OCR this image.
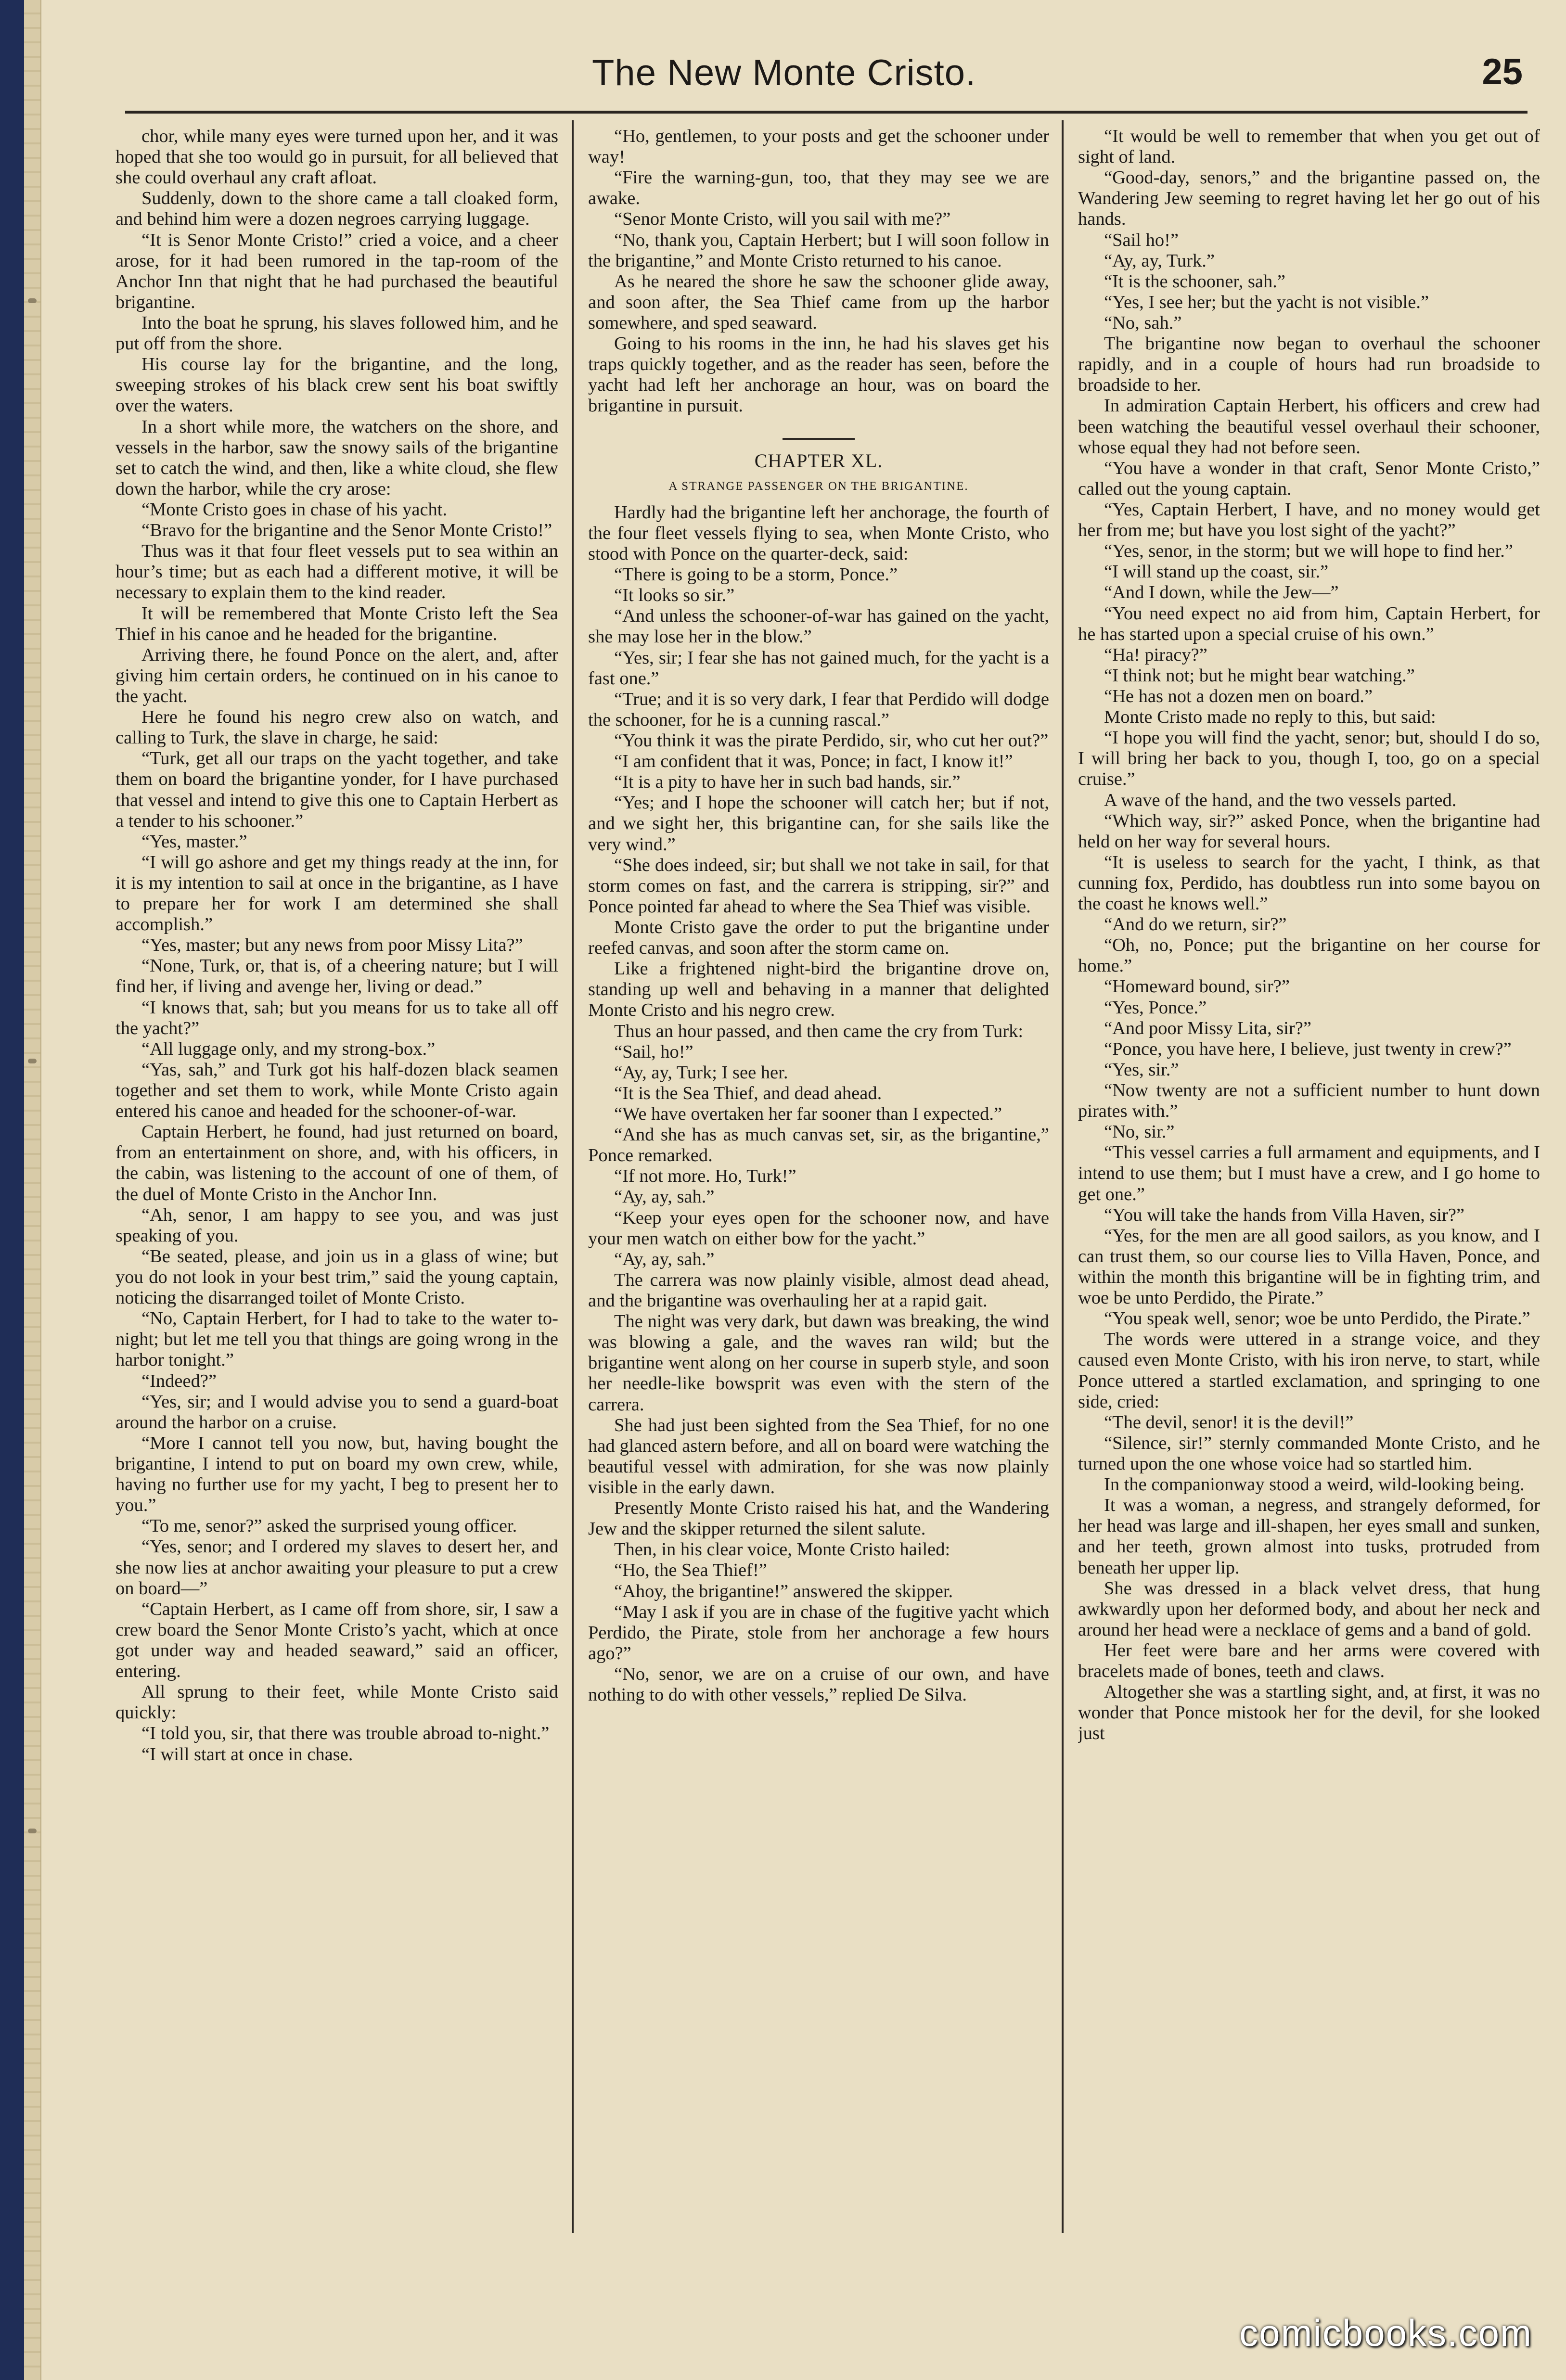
The New Monte Cristo.	25

chor, while many eyes were turned upon her, and it was hoped that she too would go in pursuit, for all believed that she could overhaul any craft afloat.

Suddenly, down to the shore came a tall cloaked form, and behind him were a dozen negroes carrying luggage.

“It is Senor Monte Cristo!” cried a voice, and a cheer arose, for it had been rumored in the tap-room of the Anchor Inn that night that he had purchased the beautiful brigantine.

Into the boat he sprung, his slaves followed him, and he put off from the shore.

His course lay for the brigantine, and the long, sweeping strokes of his black crew sent his boat swiftly over the waters.

In a short while more, the watchers on the shore, and vessels in the harbor, saw the snowy sails of the brigantine set to catch the wind, and then, like a white cloud, she flew down the harbor, while the cry arose:

“Monte Cristo goes in chase of his yacht.

“Bravo for the brigantine and the Senor Monte Cristo!”

Thus was it that four fleet vessels put to sea within an hour’s time; but as each had a different motive, it will be necessary to explain them to the kind reader.

It will be remembered that Monte Cristo left the Sea Thief in his canoe and he headed for the brigantine.

Arriving there, he found Ponce on the alert, and, after giving him certain orders, he continued on in his canoe to the yacht.

Here he found his negro crew also on watch, and calling to Turk, the slave in charge, he said:

“Turk, get all our traps on the yacht together, and take them on board the brigantine yonder, for I have purchased that vessel and intend to give this one to Captain Herbert as a tender to his schooner.”

“Yes, master.”

“I will go ashore and get my things ready at the inn, for it is my intention to sail at once in the brigantine, as I have to prepare her for work I am determined she shall accomplish.”

“Yes, master; but any news from poor Missy Lita?”

“None, Turk, or, that is, of a cheering nature; but I will find her, if living and avenge her, living or dead.”

“I knows that, sah; but you means for us to take all off the yacht?”

“All luggage only, and my strong-box.”

“Yas, sah,” and Turk got his half-dozen black seamen together and set them to work, while Monte Cristo again entered his canoe and headed for the schooner-of-war.

Captain Herbert, he found, had just returned on board, from an entertainment on shore, and, with his officers, in the cabin, was listening to the account of one of them, of the duel of Monte Cristo in the Anchor Inn.

“Ah, senor, I am happy to see you, and was just speaking of you.

“Be seated, please, and join us in a glass of wine; but you do not look in your best trim,” said the young captain, noticing the disarranged toilet of Monte Cristo.

“No, Captain Herbert, for I had to take to the water to-night; but let me tell you that things are going wrong in the harbor tonight.”

“Indeed?”

“Yes, sir; and I would advise you to send a guard-boat around the harbor on a cruise.

“More I cannot tell you now, but, having bought the brigantine, I intend to put on board my own crew, while, having no further use for my yacht, I beg to present her to you.”

“To me, senor?” asked the surprised young officer.

“Yes, senor; and I ordered my slaves to desert her, and she now lies at anchor awaiting your pleasure to put a crew on board—”

“Captain Herbert, as I came off from shore, sir, I saw a crew board the Senor Monte Cristo’s yacht, which at once got under way and headed seaward,” said an officer, entering.

All sprung to their feet, while Monte Cristo said quickly:

“I told you, sir, that there was trouble abroad to-night.”

“I will start at once in chase.

“Ho, gentlemen, to your posts and get the schooner under way!

“Fire the warning-gun, too, that they may see we are awake.

“Senor Monte Cristo, will you sail with me?”

“No, thank you, Captain Herbert; but I will soon follow in the brigantine,” and Monte Cristo returned to his canoe.

As he neared the shore he saw the schooner glide away, and soon after, the Sea Thief came from up the harbor somewhere, and sped seaward.

Going to his rooms in the inn, he had his slaves get his traps quickly together, and as the reader has seen, before the yacht had left her anchorage an hour, was on board the brigantine in pursuit.

CHAPTER XL.
A STRANGE PASSENGER ON THE BRIGANTINE.

Hardly had the brigantine left her anchorage, the fourth of the four fleet vessels flying to sea, when Monte Cristo, who stood with Ponce on the quarter-deck, said:

“There is going to be a storm, Ponce.”

“It looks so sir.”

“And unless the schooner-of-war has gained on the yacht, she may lose her in the blow.”

“Yes, sir; I fear she has not gained much, for the yacht is a fast one.”

“True; and it is so very dark, I fear that Perdido will dodge the schooner, for he is a cunning rascal.”

“You think it was the pirate Perdido, sir, who cut her out?”

“I am confident that it was, Ponce; in fact, I know it!”

“It is a pity to have her in such bad hands, sir.”

“Yes; and I hope the schooner will catch her; but if not, and we sight her, this brigantine can, for she sails like the very wind.”

“She does indeed, sir; but shall we not take in sail, for that storm comes on fast, and the carrera is stripping, sir?” and Ponce pointed far ahead to where the Sea Thief was visible.

Monte Cristo gave the order to put the brigantine under reefed canvas, and soon after the storm came on.

Like a frightened night-bird the brigantine drove on, standing up well and behaving in a manner that delighted Monte Cristo and his negro crew.

Thus an hour passed, and then came the cry from Turk:

“Sail, ho!”

“Ay, ay, Turk; I see her.

“It is the Sea Thief, and dead ahead.

“We have overtaken her far sooner than I expected.”

“And she has as much canvas set, sir, as the brigantine,” Ponce remarked.

“If not more. Ho, Turk!”

“Ay, ay, sah.”

“Keep your eyes open for the schooner now, and have your men watch on either bow for the yacht.”

“Ay, ay, sah.”

The carrera was now plainly visible, almost dead ahead, and the brigantine was overhauling her at a rapid gait.

The night was very dark, but dawn was breaking, the wind was blowing a gale, and the waves ran wild; but the brigantine went along on her course in superb style, and soon her needle-like bowsprit was even with the stern of the carrera.

She had just been sighted from the Sea Thief, for no one had glanced astern before, and all on board were watching the beautiful vessel with admiration, for she was now plainly visible in the early dawn.

Presently Monte Cristo raised his hat, and the Wandering Jew and the skipper returned the silent salute.

Then, in his clear voice, Monte Cristo hailed:

“Ho, the Sea Thief!”

“Ahoy, the brigantine!” answered the skipper.

“May I ask if you are in chase of the fugitive yacht which Perdido, the Pirate, stole from her anchorage a few hours ago?”

“No, senor, we are on a cruise of our own, and have nothing to do with other vessels,” replied De Silva.

“It would be well to remember that when you get out of sight of land.

“Good-day, senors,” and the brigantine passed on, the Wandering Jew seeming to regret having let her go out of his hands.

“Sail ho!”

“Ay, ay, Turk.”

“It is the schooner, sah.”

“Yes, I see her; but the yacht is not visible.”

“No, sah.”

The brigantine now began to overhaul the schooner rapidly, and in a couple of hours had run broadside to broadside to her.

In admiration Captain Herbert, his officers and crew had been watching the beautiful vessel overhaul their schooner, whose equal they had not before seen.

“You have a wonder in that craft, Senor Monte Cristo,” called out the young captain.

“Yes, Captain Herbert, I have, and no money would get her from me; but have you lost sight of the yacht?”

“Yes, senor, in the storm; but we will hope to find her.”

“I will stand up the coast, sir.”

“And I down, while the Jew—”

“You need expect no aid from him, Captain Herbert, for he has started upon a special cruise of his own.”

“Ha! piracy?”

“I think not; but he might bear watching.”

“He has not a dozen men on board.”

Monte Cristo made no reply to this, but said:

“I hope you will find the yacht, senor; but, should I do so, I will bring her back to you, though I, too, go on a special cruise.”

A wave of the hand, and the two vessels parted.

“Which way, sir?” asked Ponce, when the brigantine had held on her way for several hours.

“It is useless to search for the yacht, I think, as that cunning fox, Perdido, has doubtless run into some bayou on the coast he knows well.”

“And do we return, sir?”

“Oh, no, Ponce; put the brigantine on her course for home.”

“Homeward bound, sir?”

“Yes, Ponce.”

“And poor Missy Lita, sir?”

“Ponce, you have here, I believe, just twenty in crew?”

“Yes, sir.”

“Now twenty are not a sufficient number to hunt down pirates with.”

“No, sir.”

“This vessel carries a full armament and equipments, and I intend to use them; but I must have a crew, and I go home to get one.”

“You will take the hands from Villa Haven, sir?”

“Yes, for the men are all good sailors, as you know, and I can trust them, so our course lies to Villa Haven, Ponce, and within the month this brigantine will be in fighting trim, and woe be unto Perdido, the Pirate.”

“You speak well, senor; woe be unto Perdido, the Pirate.”

The words were uttered in a strange voice, and they caused even Monte Cristo, with his iron nerve, to start, while Ponce uttered a startled exclamation, and springing to one side, cried:

“The devil, senor! it is the devil!”

“Silence, sir!” sternly commanded Monte Cristo, and he turned upon the one whose voice had so startled him.

In the companionway stood a weird, wild-looking being.

It was a woman, a negress, and strangely deformed, for her head was large and ill-shapen, her eyes small and sunken, and her teeth, grown almost into tusks, protruded from beneath her upper lip.

She was dressed in a black velvet dress, that hung awkwardly upon her deformed body, and about her neck and around her head were a necklace of gems and a band of gold.

Her feet were bare and her arms were covered with bracelets made of bones, teeth and claws.

Altogether she was a startling sight, and, at first, it was no wonder that Ponce mistook her for the devil, for she looked just

comicbooks.com
